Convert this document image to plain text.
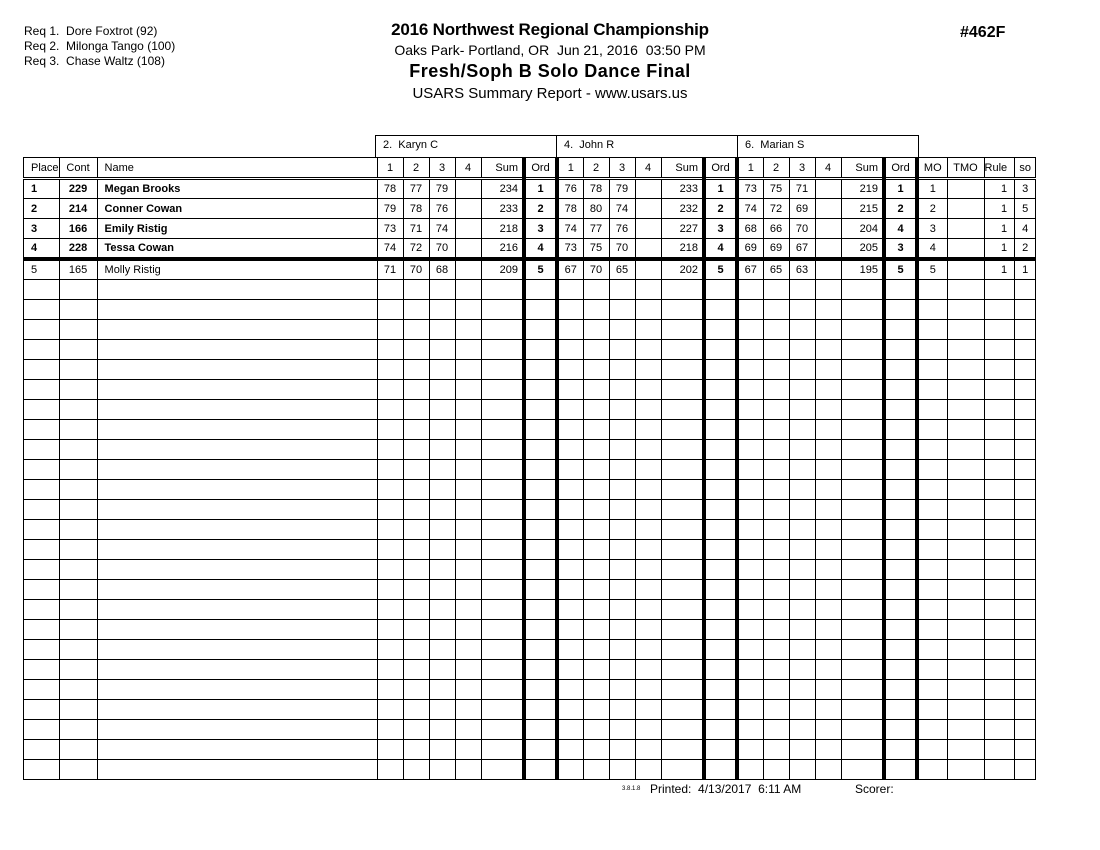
Req 1.  Dore Foxtrot (92)
Req 2.  Milonga Tango (100)
Req 3.  Chase Waltz (108)
2016 Northwest Regional Championship
Oaks Park- Portland, OR  Jun 21, 2016  03:50 PM
Fresh/Soph B Solo Dance Final
USARS Summary Report - www.usars.us
#462F
2.  Karyn C	4.  John R	6.  Marian S
Place	Cont	Name	1	2	3	4	Sum	Ord	1	2	3	4	Sum	Ord	1	2	3	4	Sum	Ord	MO	TMO	Rule	so
1	229	Megan Brooks	78	77	79		234	1	76	78	79		233	1	73	75	71		219	1	1		1	3
2	214	Conner Cowan	79	78	76		233	2	78	80	74		232	2	74	72	69		215	2	2		1	5
3	166	Emily Ristig	73	71	74		218	3	74	77	76		227	3	68	66	70		204	4	3		1	4
4	228	Tessa Cowan	74	72	70		216	4	73	75	70		218	4	69	69	67		205	3	4		1	2
5	165	Molly Ristig	71	70	68		209	5	67	70	65		202	5	67	65	63		195	5	5		1	1

3.8.1.8 Printed:  4/13/2017  6:11 AM	Scorer:
